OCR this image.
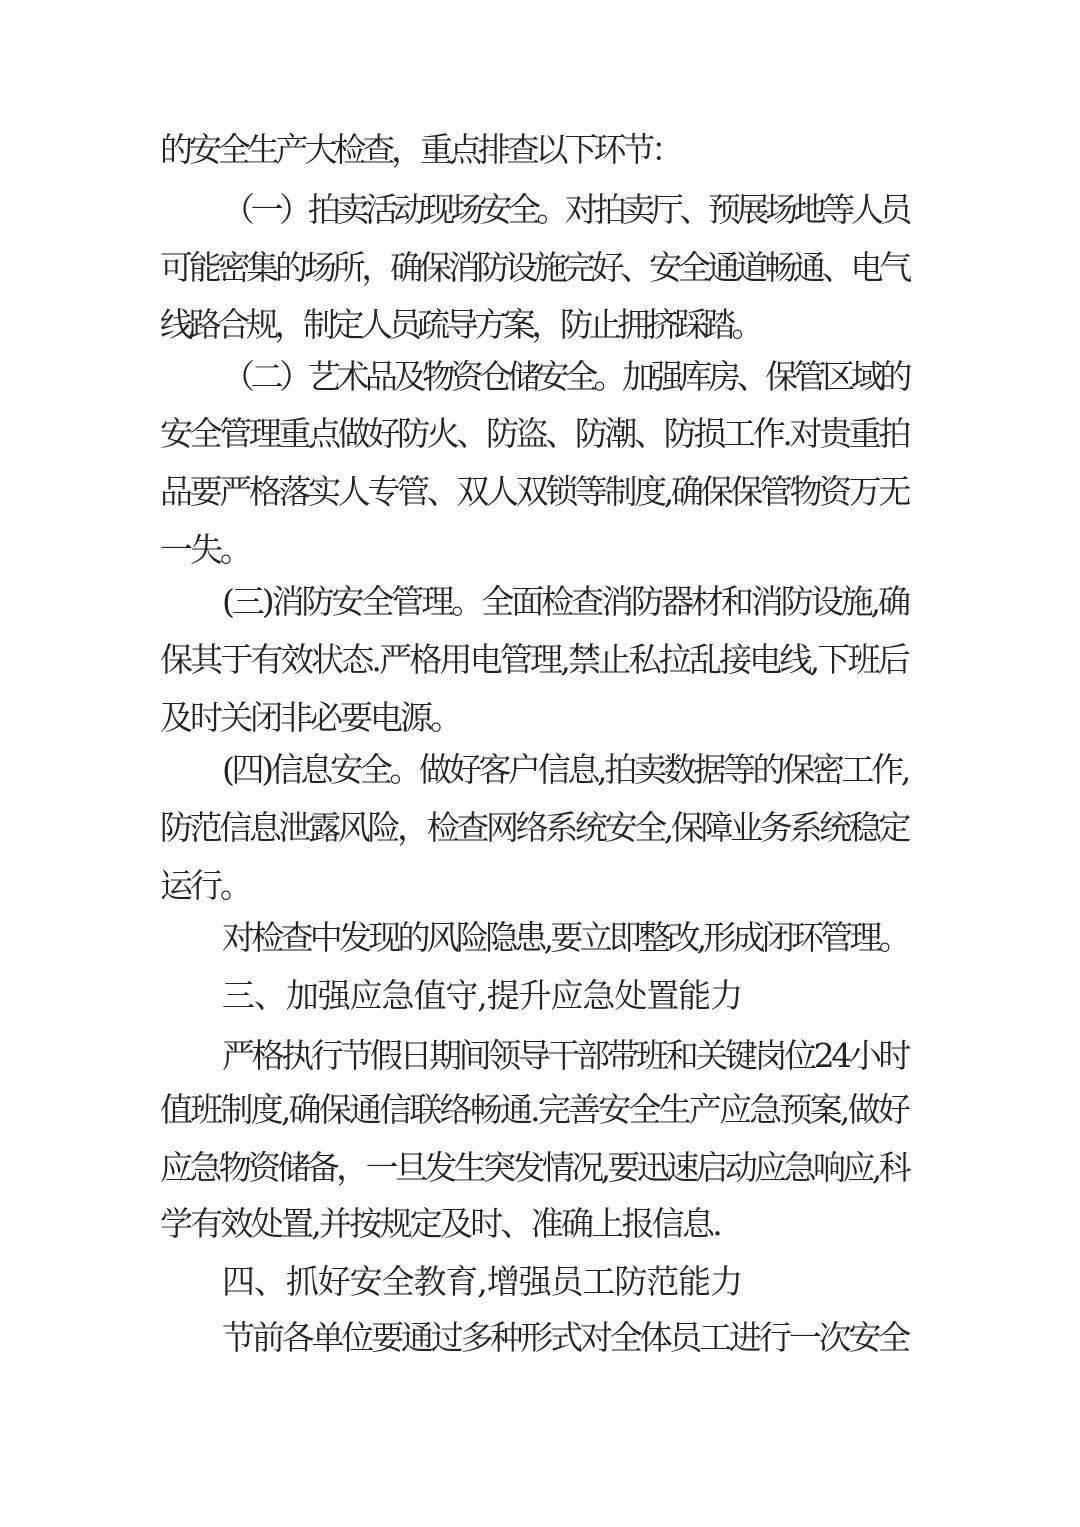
的安全生产大检查，重点排查以下环节：

（一）拍卖活动现场安全。对拍卖厅、预展场地等人员

可能密集的场所，确保消防设施完好、安全通道畅通、电气

线路合规，制定人员疏导方案，防止拥挤踩踏。

（二）艺术品及物资仓储安全。加强库房、保管区域的

安全管理重点做好防火、防盗、防潮、防损工作.对贵重拍

品要严格落实人专管、双人双锁等制度,确保保管物资万无

一失。

(三)消防安全管理。全面检查消防器材和消防设施,确

保其于有效状态.严格用电管理,禁止私拉乱接电线,下班后

及时关闭非必要电源。

(四)信息安全。做好客户信息,拍卖数据等的保密工作,

防范信息泄露风险，检查网络系统安全,保障业务系统稳定

运行。

对检查中发现的风险隐患,要立即整改,形成闭环管理。

三、加强应急值守,提升应急处置能力

严格执行节假日期间领导干部带班和关键岗位24小时

值班制度,确保通信联络畅通.完善安全生产应急预案,做好

应急物资储备，一旦发生突发情况,要迅速启动应急响应,科

学有效处置,并按规定及时、准确上报信息.

四、抓好安全教育,增强员工防范能力

节前各单位要通过多种形式对全体员工进行一次安全
